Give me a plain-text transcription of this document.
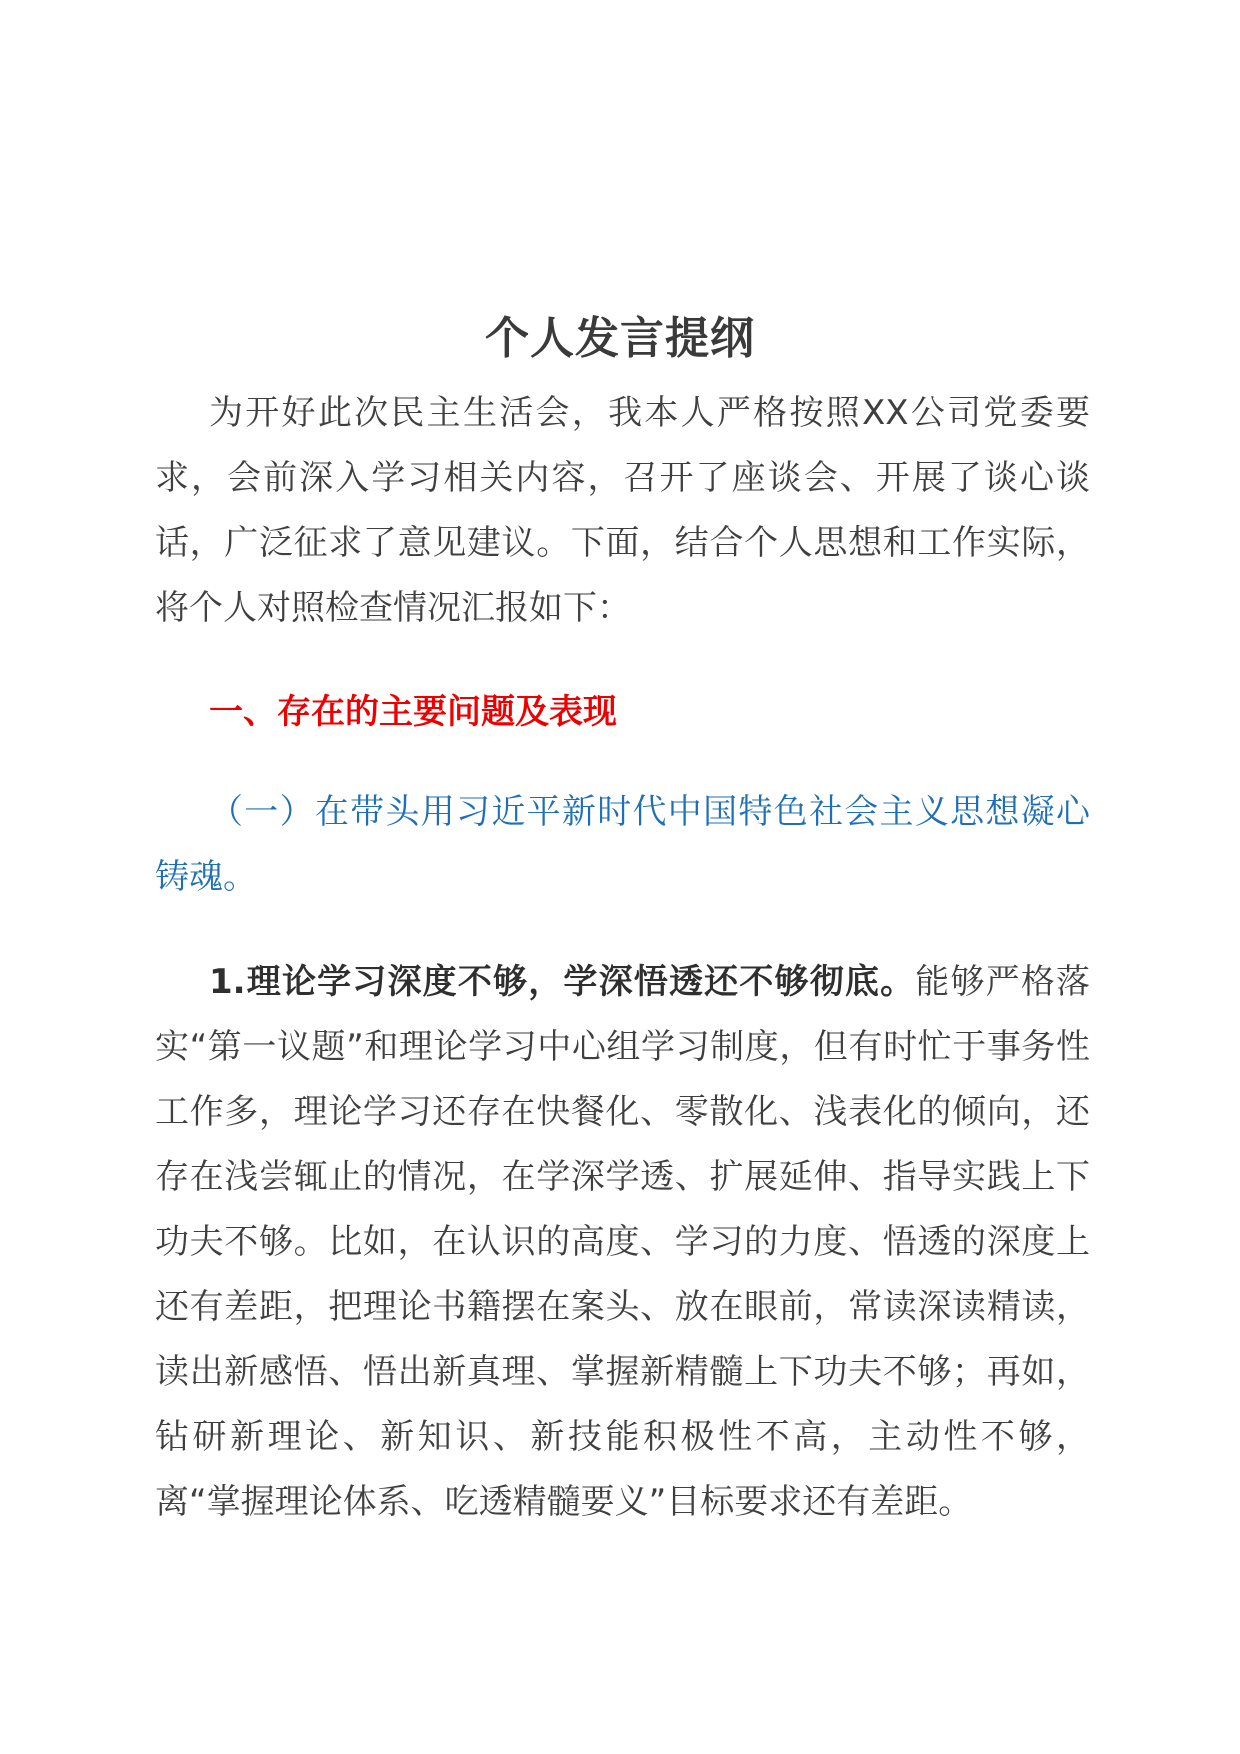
个人发言提纲

为开好此次民主生活会，我本人严格按照XX公司党委要求，会前深入学习相关内容，召开了座谈会、开展了谈心谈话，广泛征求了意见建议。下面，结合个人思想和工作实际，将个人对照检查情况汇报如下：

一、存在的主要问题及表现

（一）在带头用习近平新时代中国特色社会主义思想凝心铸魂。

1.理论学习深度不够，学深悟透还不够彻底。能够严格落实“第一议题”和理论学习中心组学习制度，但有时忙于事务性工作多，理论学习还存在快餐化、零散化、浅表化的倾向，还存在浅尝辄止的情况，在学深学透、扩展延伸、指导实践上下功夫不够。比如，在认识的高度、学习的力度、悟透的深度上还有差距，把理论书籍摆在案头、放在眼前，常读深读精读，读出新感悟、悟出新真理、掌握新精髓上下功夫不够；再如，钻研新理论、新知识、新技能积极性不高，主动性不够，离“掌握理论体系、吃透精髓要义”目标要求还有差距。
